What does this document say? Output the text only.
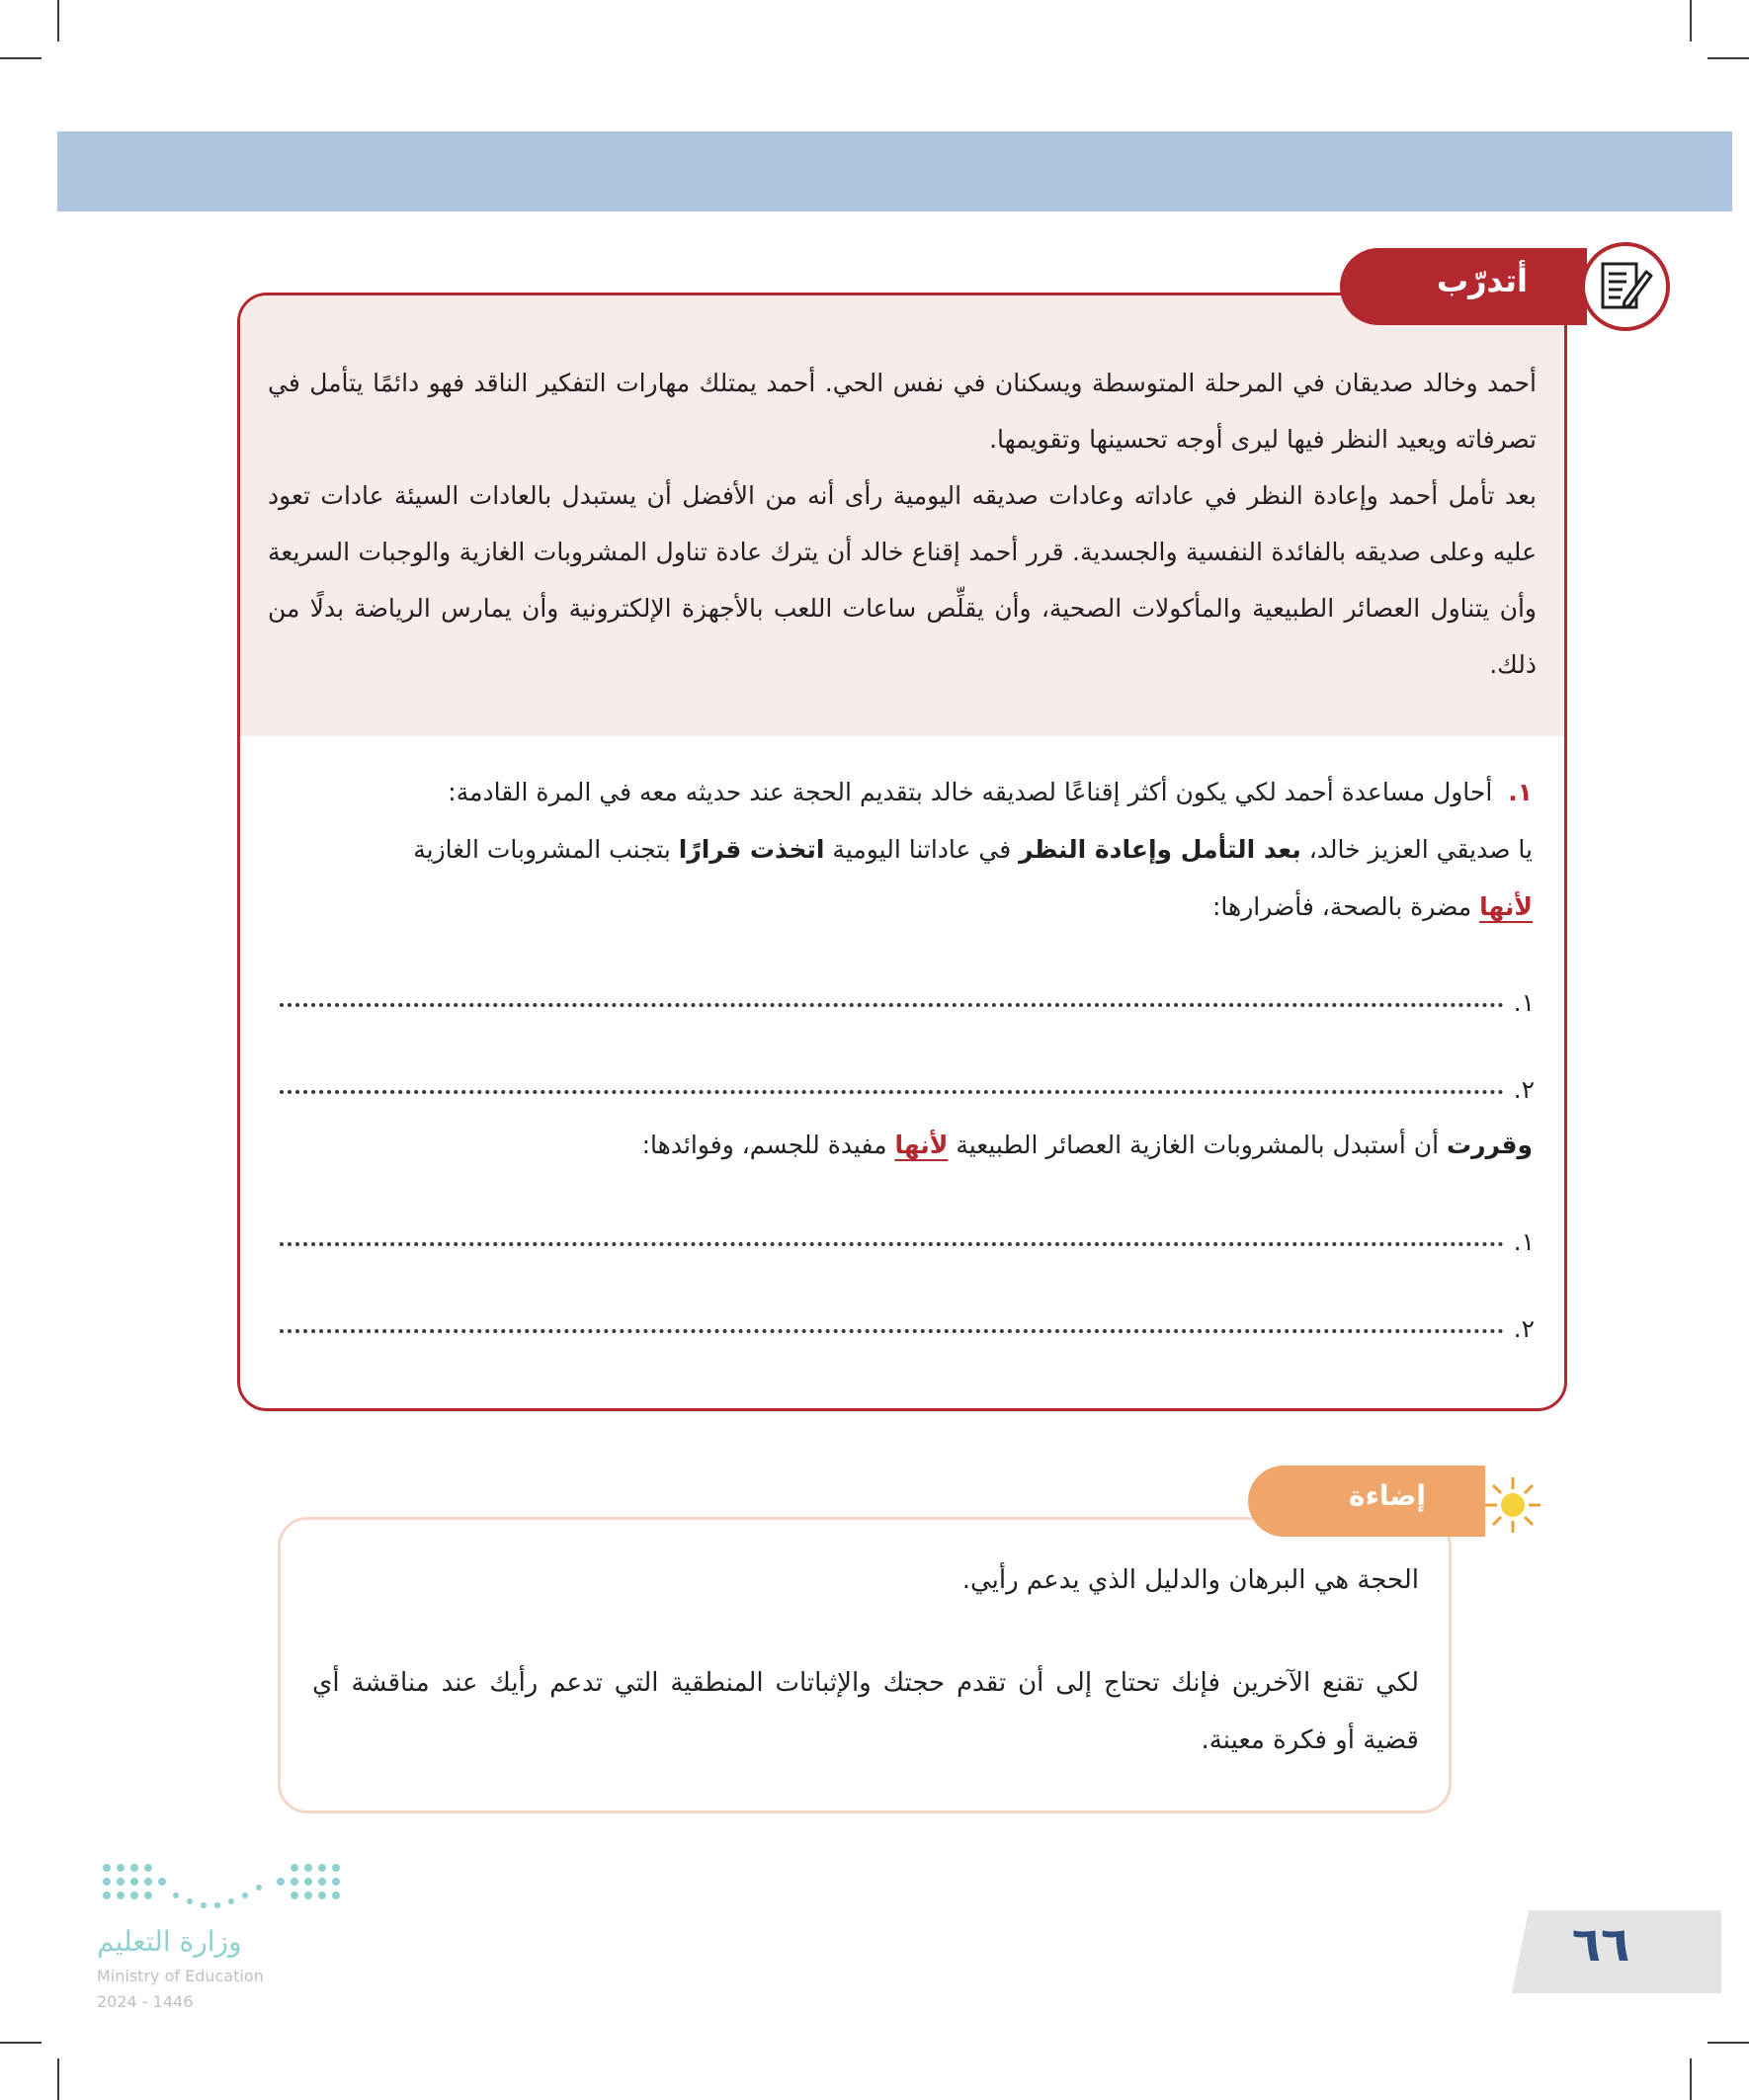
أحمد وخالد صديقان في المرحلة المتوسطة ويسكنان في نفس الحي. أحمد يمتلك مهارات التفكير الناقد فهو دائمًا يتأمل في تصرفاته ويعيد النظر فيها ليرى أوجه تحسينها وتقويمها.

بعد تأمل أحمد وإعادة النظر في عاداته وعادات صديقه اليومية رأى أنه من الأفضل أن يستبدل بالعادات السيئة عادات تعود عليه وعلى صديقه بالفائدة النفسية والجسدية. قرر أحمد إقناع خالد أن يترك عادة تناول المشروبات الغازية والوجبات السريعة وأن يتناول العصائر الطبيعية والمأكولات الصحية، وأن يقلِّص ساعات اللعب بالأجهزة الإلكترونية وأن يمارس الرياضة بدلًا من ذلك.

١.  أحاول مساعدة أحمد لكي يكون أكثر إقناعًا لصديقه خالد بتقديم الحجة عند حديثه معه في المرة القادمة:

يا صديقي العزيز خالد، بعد التأمل وإعادة النظر في عاداتنا اليومية اتخذت قرارًا بتجنب المشروبات الغازية

لأنها مضرة بالصحة، فأضرارها:

١.
٢.

وقررت أن أستبدل بالمشروبات الغازية العصائر الطبيعية لأنها مفيدة للجسم، وفوائدها:

١.
٢.
أتدرّب

الحجة هي البرهان والدليل الذي يدعم رأيي.

لكي تقنع الآخرين فإنك تحتاج إلى أن تقدم حجتك والإثباتات المنطقية التي تدعم رأيك عند مناقشة أي قضية أو فكرة معينة.

إضاءة
وزارة التعليم
Ministry of Education
2024 - 1446
٦٦
